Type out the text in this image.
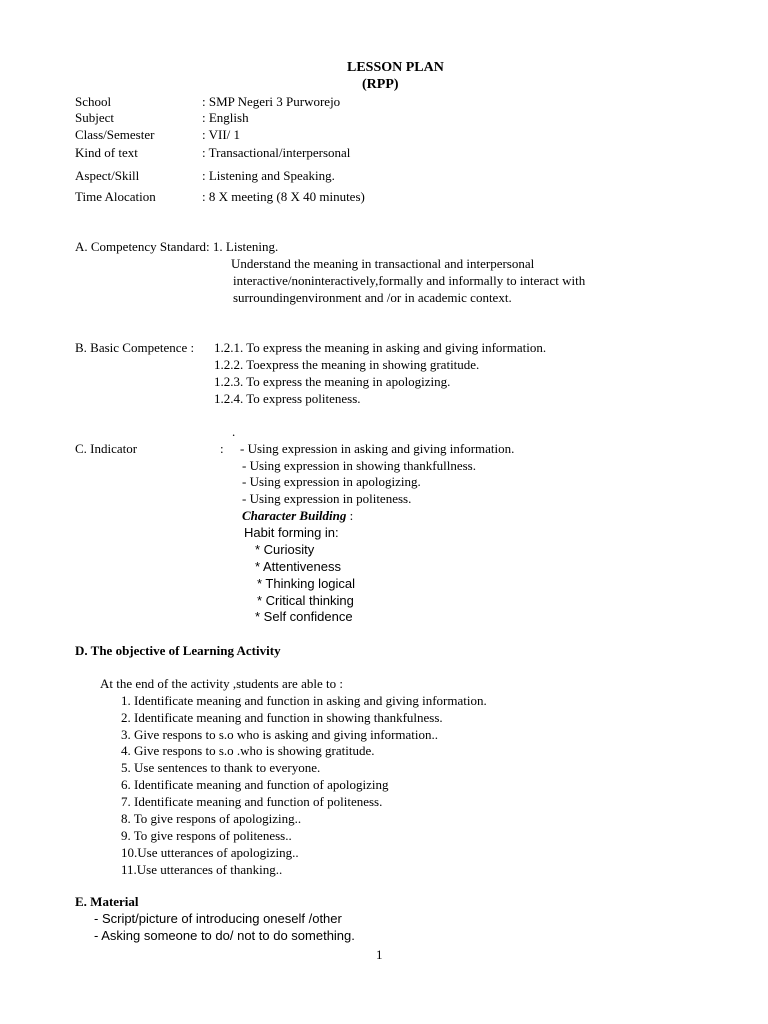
LESSON PLAN
(RPP)
School	: SMP Negeri 3 Purworejo
Subject	: English
Class/Semester	: VII/ 1
Kind of text	: Transactional/interpersonal
Aspect/Skill	: Listening and Speaking.
Time Alocation	: 8 X meeting (8 X 40 minutes)
A. Competency Standard: 1. Listening.
Understand the meaning in transactional and interpersonal
interactive/noninteractively,formally and informally to interact with
surroundingenvironment and /or in academic context.
B. Basic Competence : 1.2.1. To express the meaning in asking and giving information.
1.2.2. Toexpress the meaning in showing gratitude.
1.2.3. To express the meaning in apologizing.
1.2.4. To express politeness.
.
C. Indicator	: - Using expression in asking and giving information.
- Using expression in showing thankfullness.
- Using expression in apologizing.
- Using expression in politeness.
Character Building :
Habit forming in:
* Curiosity
* Attentiveness
* Thinking logical
* Critical thinking
* Self confidence
D. The objective of Learning Activity
At the end of the activity ,students are able to :
1. Identificate meaning and function in asking and giving information.
2. Identificate meaning and function in showing thankfulness.
3. Give respons to s.o who is asking and giving information..
4. Give respons to s.o .who is showing gratitude.
5. Use sentences to thank to everyone.
6. Identificate meaning and function of apologizing
7. Identificate meaning and function of politeness.
8. To give respons of apologizing..
9. To give respons of politeness..
10.Use utterances of apologizing..
11.Use utterances of thanking..
E. Material
- Script/picture of introducing oneself /other
- Asking someone to do/ not to do something.
1
